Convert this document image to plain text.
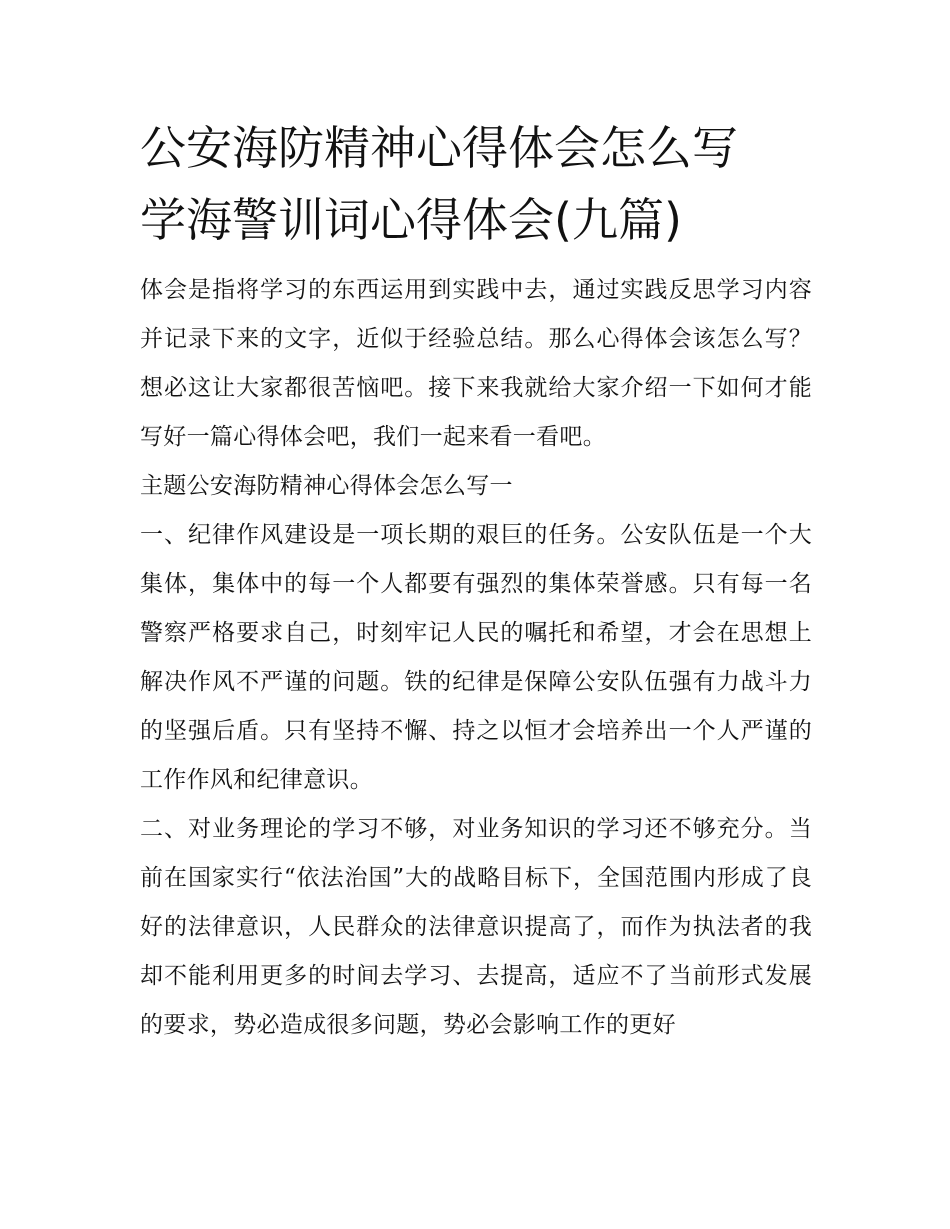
公安海防精神心得体会怎么写
学海警训词心得体会(九篇)

体会是指将学习的东西运用到实践中去，通过实践反思学习内容并记录下来的文字，近似于经验总结。那么心得体会该怎么写？想必这让大家都很苦恼吧。接下来我就给大家介绍一下如何才能写好一篇心得体会吧，我们一起来看一看吧。

主题公安海防精神心得体会怎么写一

一、纪律作风建设是一项长期的艰巨的任务。公安队伍是一个大集体，集体中的每一个人都要有强烈的集体荣誉感。只有每一名警察严格要求自己，时刻牢记人民的嘱托和希望，才会在思想上解决作风不严谨的问题。铁的纪律是保障公安队伍强有力战斗力的坚强后盾。只有坚持不懈、持之以恒才会培养出一个人严谨的工作作风和纪律意识。

二、对业务理论的学习不够，对业务知识的学习还不够充分。当前在国家实行“依法治国”大的战略目标下，全国范围内形成了良好的法律意识，人民群众的法律意识提高了，而作为执法者的我却不能利用更多的时间去学习、去提高，适应不了当前形式发展的要求，势必造成很多问题，势必会影响工作的更好
